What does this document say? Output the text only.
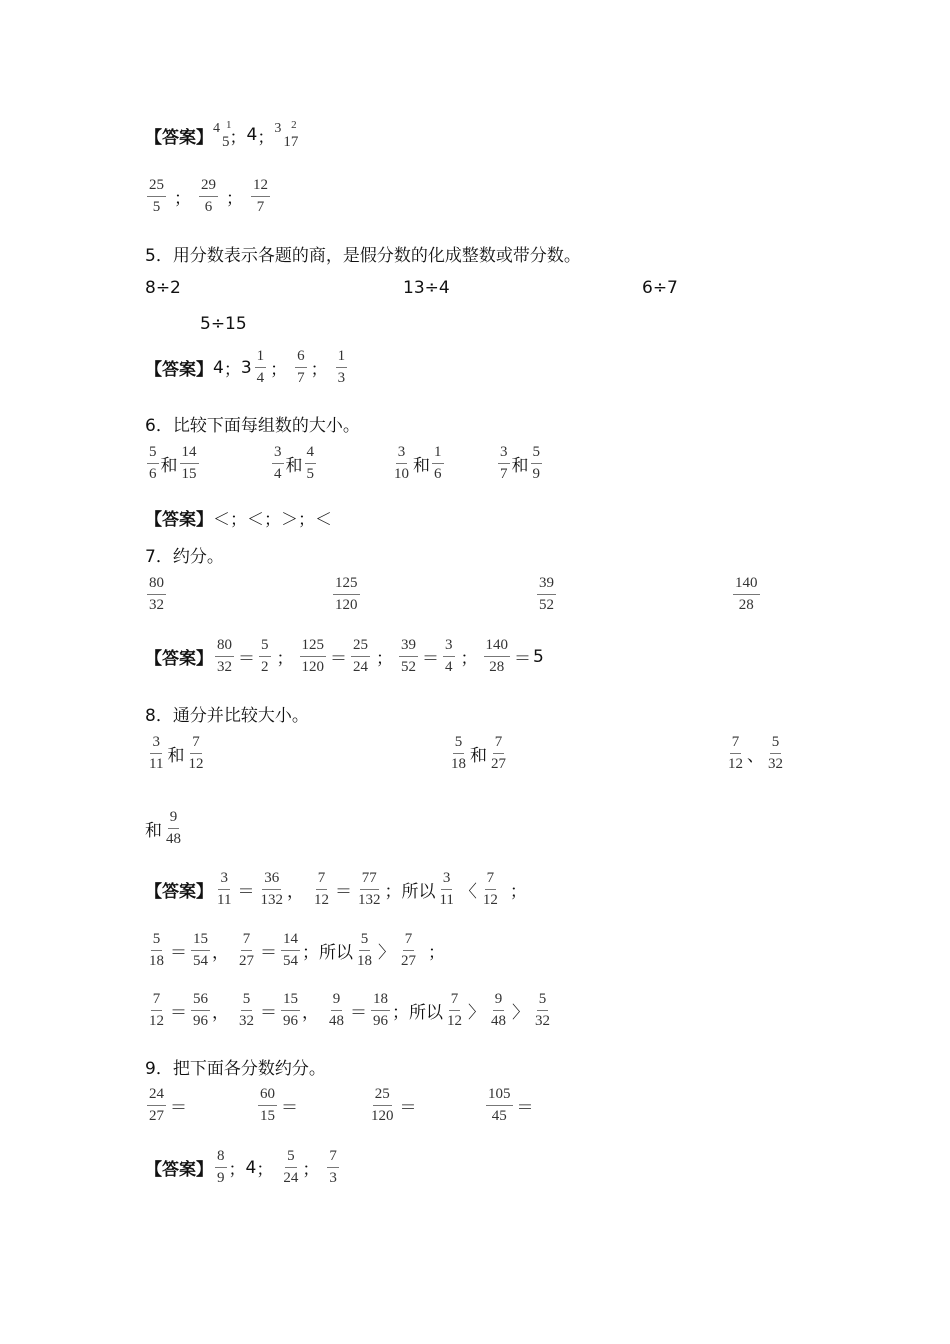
【答案】 4 1
5 ； 4 ； 3 2
17
$\frac{25}{5}$ ； $\frac{29}{6}$ ； $\frac{12}{7}$
5．用分数表示各题的商，是假分数的化成整数或带分数。
8÷2	13÷4	6÷7
5÷15
【答案】 4 ； $3 \frac{1}{4}$ ； $\frac{6}{7}$ ； $\frac{1}{3}$
6．比较下面每组数的大小。
$\frac{5}{6}$ 和 $\frac{14}{15}$	$\frac{3}{4}$ 和 $\frac{4}{5}$	$\frac{3}{10}$ 和 $\frac{1}{6}$	$\frac{3}{7}$ 和 $\frac{5}{9}$
【答案】 ＜ ； ＜ ； ＞ ； ＜
7．约分。
$\frac{80}{32}$	$\frac{125}{120}$	$\frac{39}{52}$	$\frac{140}{28}$
【答案】 $\frac{80}{32} = \frac{5}{2}$ ； $\frac{125}{120} = \frac{25}{24}$ ； $\frac{39}{52} = \frac{3}{4}$ ； $\frac{140}{28} = 5$
8．通分并比较大小。
$\frac{3}{11}$ 和 $\frac{7}{12}$	$\frac{5}{18}$ 和 $\frac{7}{27}$	$\frac{7}{12}$ 、 $\frac{5}{32}$
和 $\frac{9}{48}$
【答案】 $\frac{3}{11} = \frac{36}{132}$ ， $\frac{7}{12} = \frac{77}{132}$ ； 所以 $\frac{3}{11}$ 〈 $\frac{7}{12}$ ；
$\frac{5}{18} = \frac{15}{54}$ ， $\frac{7}{27} = \frac{14}{54}$ ； 所以 $\frac{5}{18}$ 〉 $\frac{7}{27}$ ；
$\frac{7}{12} = \frac{56}{96}$ ， $\frac{5}{32} = \frac{15}{96}$ ， $\frac{9}{48} = \frac{18}{96}$ ； 所以 $\frac{7}{12}$ 〉 $\frac{9}{48}$ 〉 $\frac{5}{32}$
9．把下面各分数约分。
$\frac{24}{27}$ ＝	$\frac{60}{15}$ ＝	$\frac{25}{120}$ ＝	$\frac{105}{45}$ ＝
【答案】 $\frac{8}{9}$ ； 4 ； $\frac{5}{24}$ ； $\frac{7}{3}$
